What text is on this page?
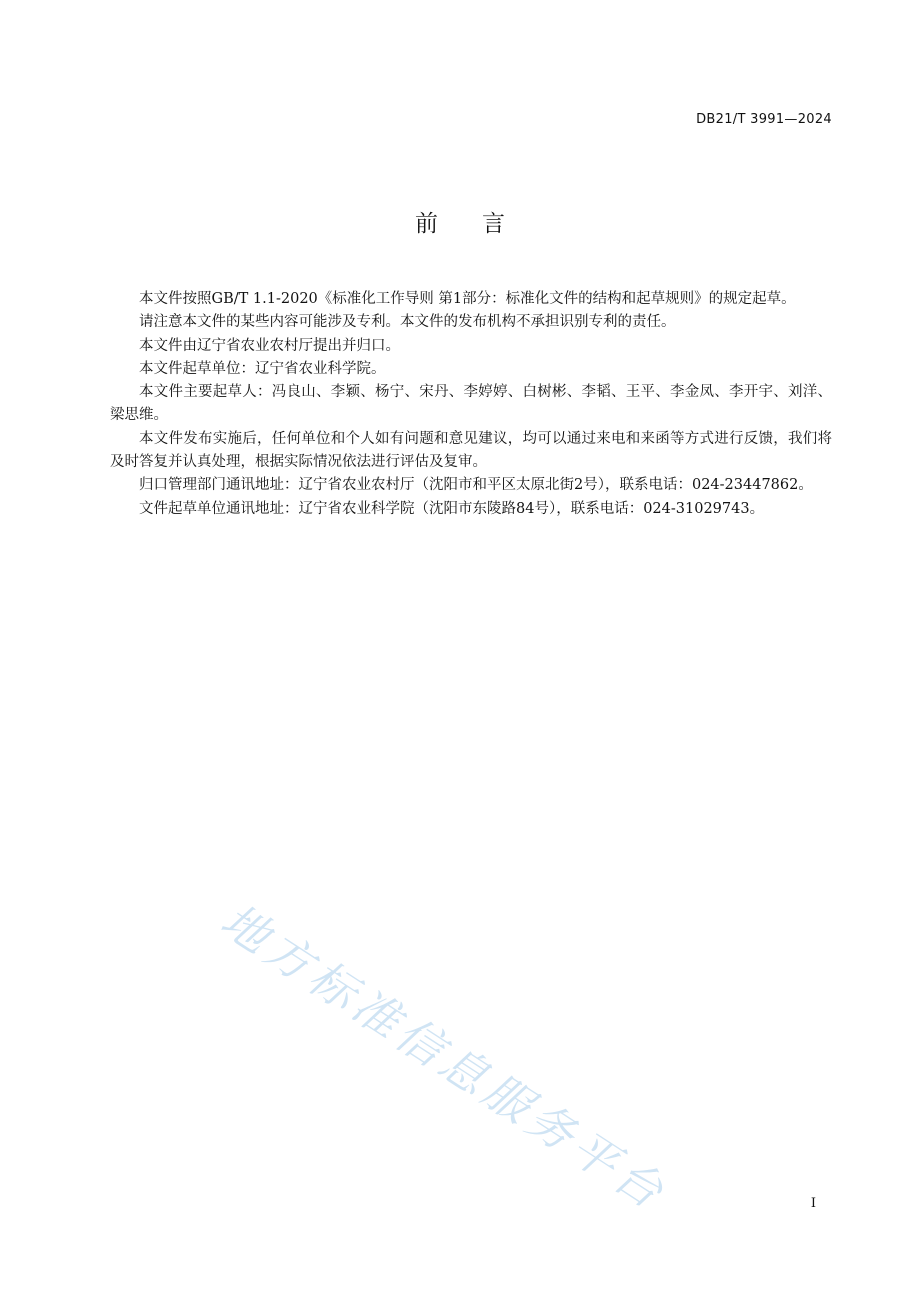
DB21/T 3991—2024
前言

本文件按照GB/T 1.1-2020《标准化工作导则 第1部分：标准化文件的结构和起草规则》的规定起草。

请注意本文件的某些内容可能涉及专利。本文件的发布机构不承担识别专利的责任。

本文件由辽宁省农业农村厅提出并归口。

本文件起草单位：辽宁省农业科学院。

本文件主要起草人：冯良山、李颖、杨宁、宋丹、李婷婷、白树彬、李韬、王平、李金凤、李开宇、刘洋、梁思维。

本文件发布实施后，任何单位和个人如有问题和意见建议，均可以通过来电和来函等方式进行反馈，我们将及时答复并认真处理，根据实际情况依法进行评估及复审。

归口管理部门通讯地址：辽宁省农业农村厅（沈阳市和平区太原北街2号），联系电话：024-23447862。

文件起草单位通讯地址：辽宁省农业科学院（沈阳市东陵路84号），联系电话：024-31029743。

地方标准信息服务平台	I
